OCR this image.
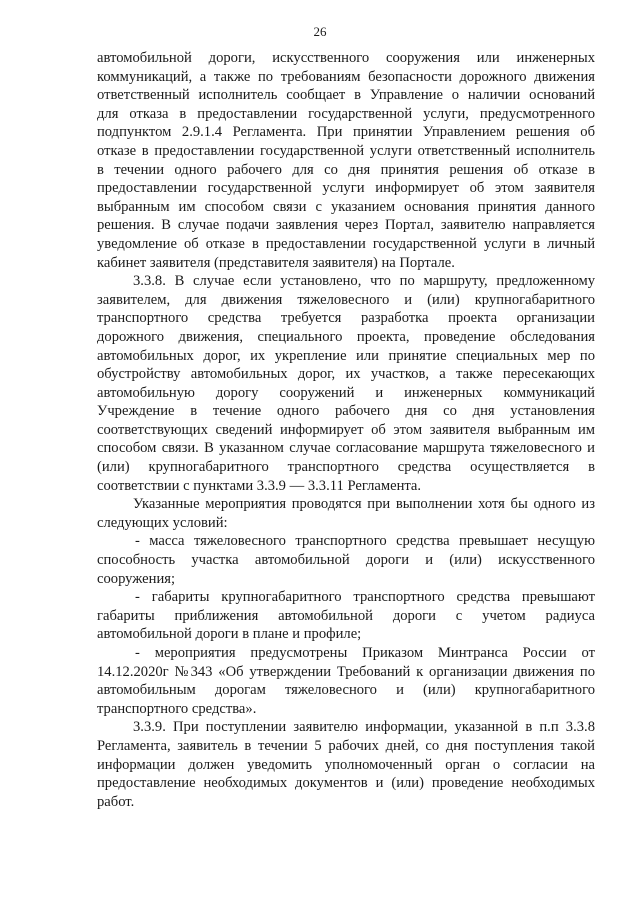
26
автомобильной дороги, искусственного сооружения или инженерных
коммуникаций, а также по требованиям безопасности дорожного движения
ответственный исполнитель сообщает в Управление о наличии оснований
для отказа в предоставлении государственной услуги, предусмотренного
подпунктом 2.9.1.4 Регламента. При принятии Управлением решения об
отказе в предоставлении государственной услуги ответственный исполнитель
в течении одного рабочего для со дня принятия решения об отказе в
предоставлении государственной услуги информирует об этом заявителя
выбранным им способом связи с указанием основания принятия данного
решения. В случае подачи заявления через Портал, заявителю направляется
уведомление об отказе в предоставлении государственной услуги в личный
кабинет заявителя (представителя заявителя) на Портале.
3.3.8. В случае если установлено, что по маршруту, предложенному
заявителем, для движения тяжеловесного и (или) крупногабаритного
транспортного средства требуется разработка проекта организации
дорожного движения, специального проекта, проведение обследования
автомобильных дорог, их укрепление или принятие специальных мер по
обустройству автомобильных дорог, их участков, а также пересекающих
автомобильную дорогу сооружений и инженерных коммуникаций
Учреждение в течение одного рабочего дня со дня установления
соответствующих сведений информирует об этом заявителя выбранным им
способом связи. В указанном случае согласование маршрута тяжеловесного и
(или) крупногабаритного транспортного средства осуществляется в
соответствии с пунктами 3.3.9 — 3.3.11 Регламента.
Указанные мероприятия проводятся при выполнении хотя бы одного из
следующих условий:
- масса тяжеловесного транспортного средства превышает несущую
способность участка автомобильной дороги и (или) искусственного
сооружения;
- габариты крупногабаритного транспортного средства превышают
габариты приближения автомобильной дороги с учетом радиуса
автомобильной дороги в плане и профиле;
- мероприятия предусмотрены Приказом Минтранса России от
14.12.2020г №343 «Об утверждении Требований к организации движения по
автомобильным дорогам тяжеловесного и (или) крупногабаритного
транспортного средства».
3.3.9. При поступлении заявителю информации, указанной в п.п 3.3.8
Регламента, заявитель в течении 5 рабочих дней, со дня поступления такой
информации должен уведомить уполномоченный орган о согласии на
предоставление необходимых документов и (или) проведение необходимых
работ.
